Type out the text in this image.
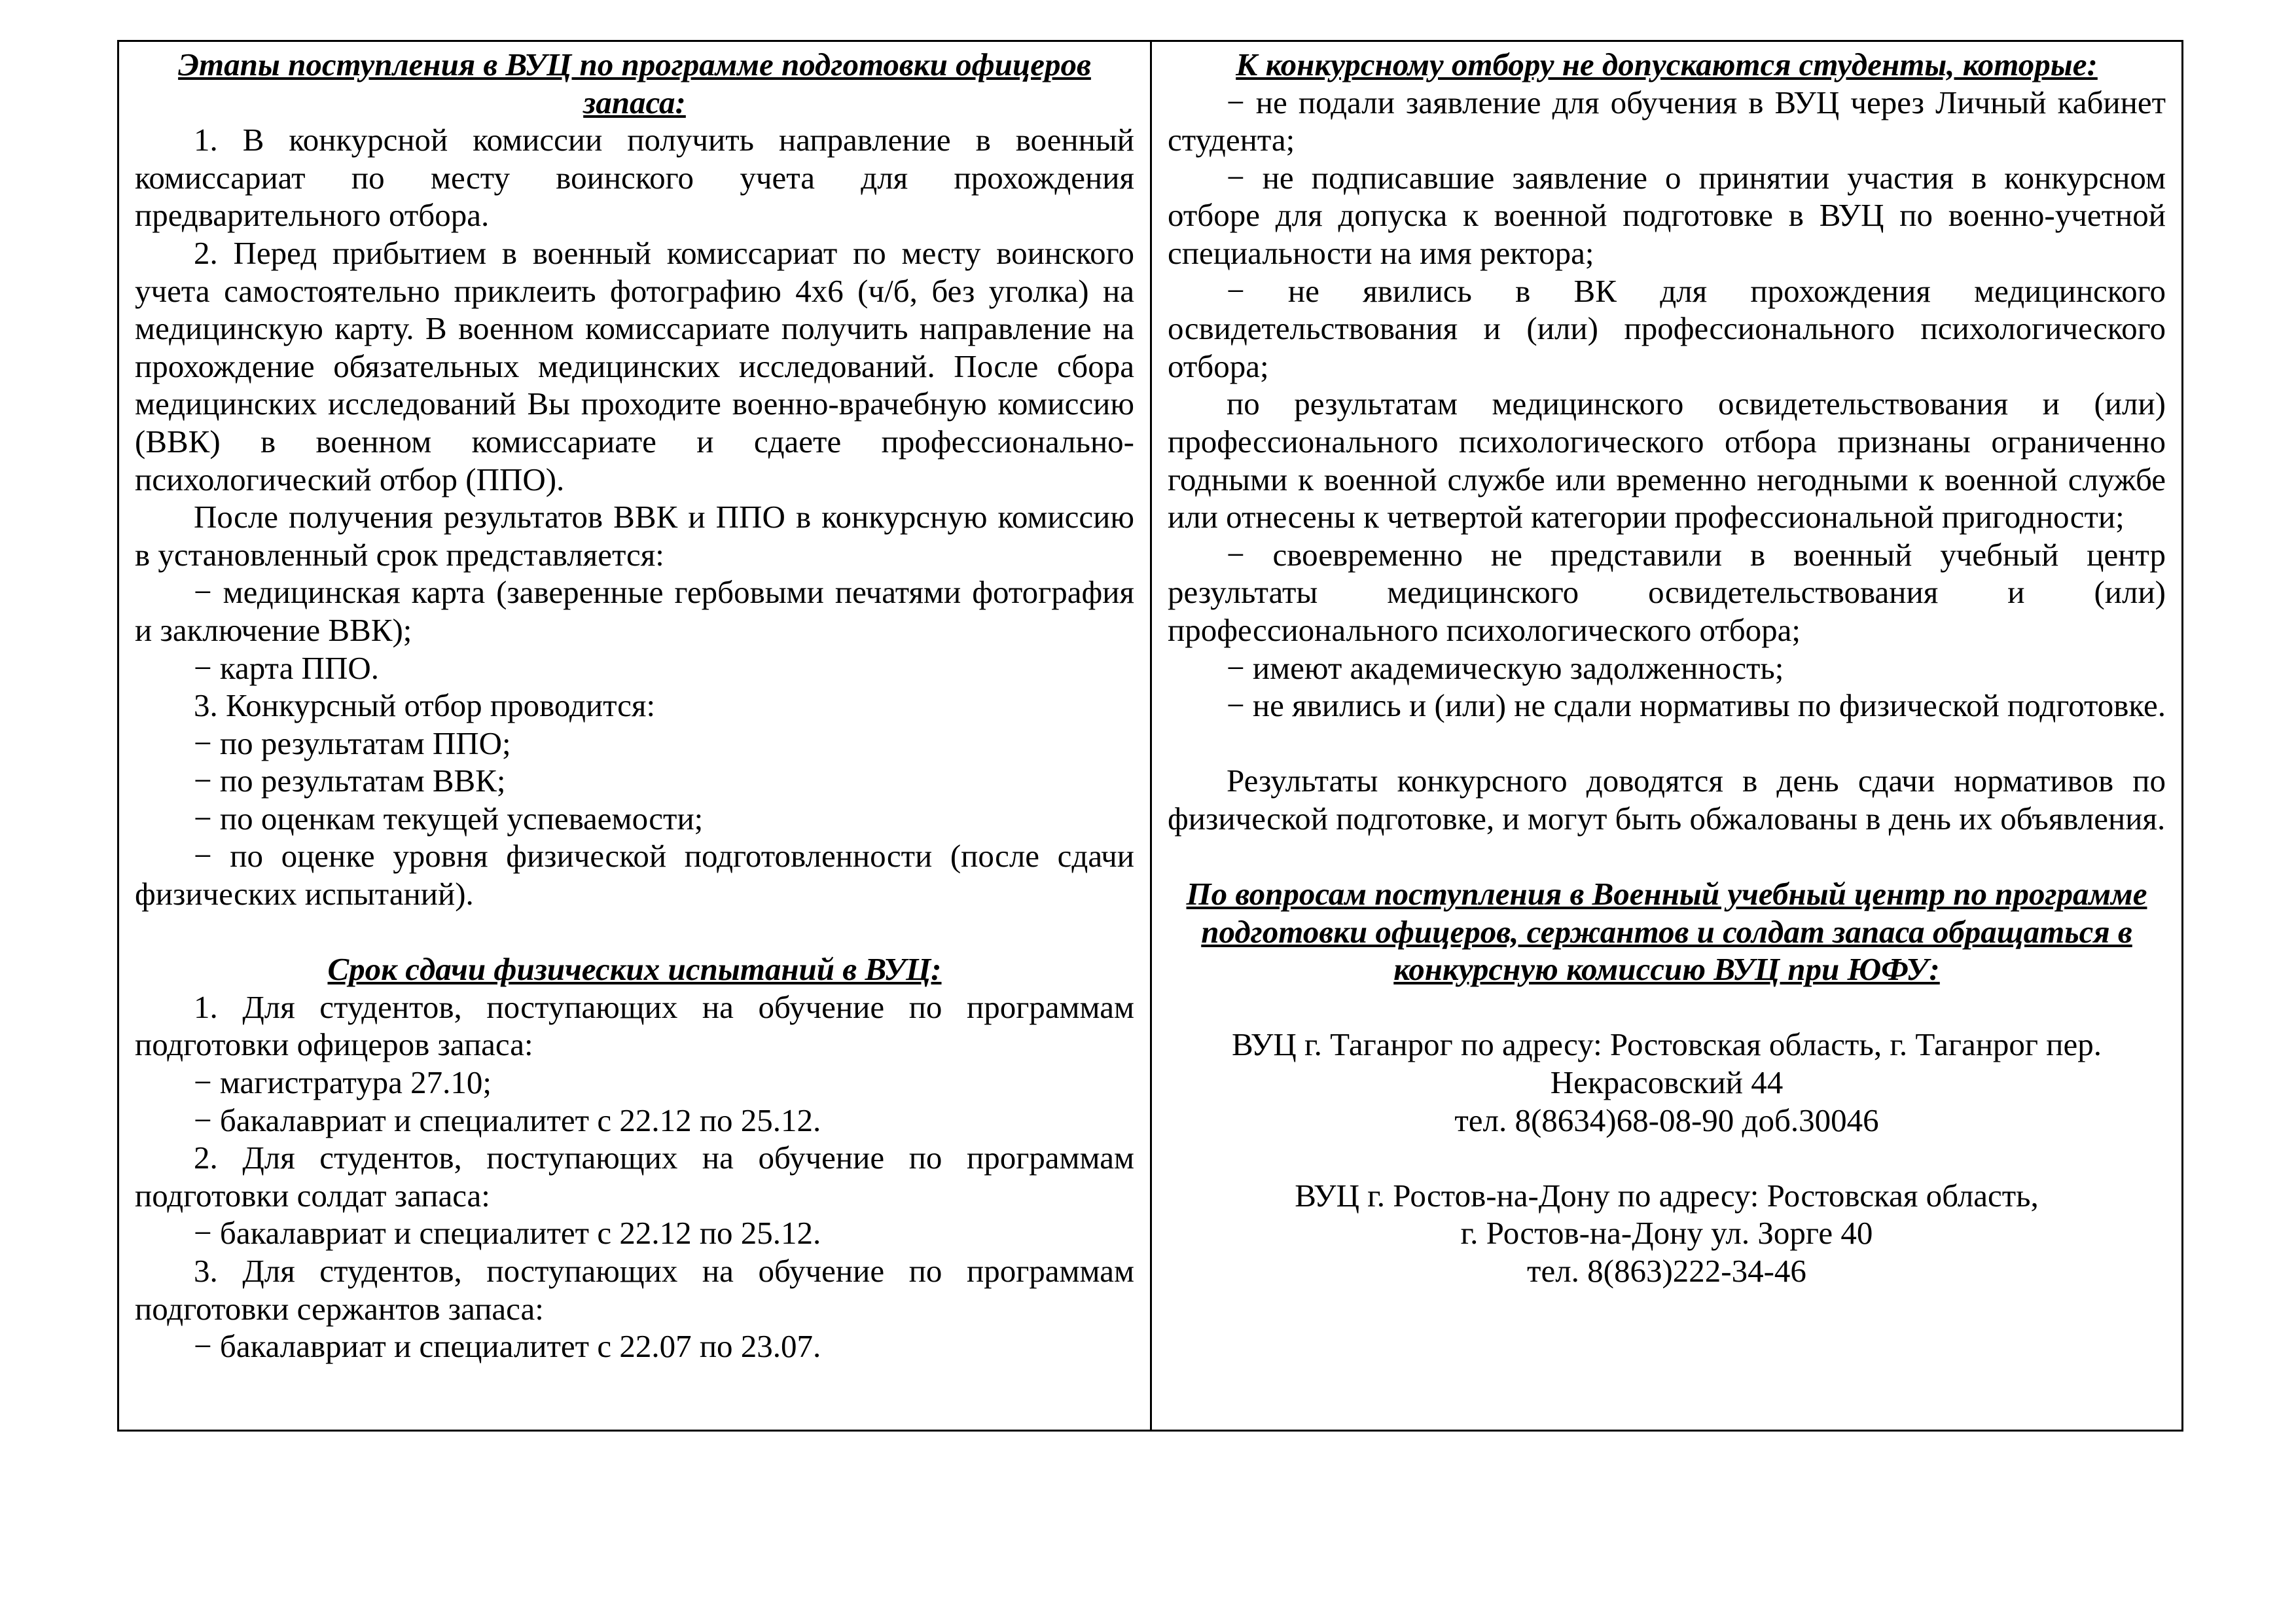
Этапы поступления в ВУЦ по программе подготовки офицеров запаса:

1. В конкурсной комиссии получить направление в военный комиссариат по месту воинского учета для прохождения предварительного отбора.

2. Перед прибытием в военный комиссариат по месту воинского учета самостоятельно приклеить фотографию 4х6 (ч/б, без уголка) на медицинскую карту. В военном комиссариате получить направление на прохождение обязательных медицинских исследований. После сбора медицинских исследований Вы проходите военно-врачебную комиссию (ВВК) в военном комиссариате и сдаете профессионально-психологический отбор (ППО).

После получения результатов ВВК и ППО в конкурсную комиссию в установленный срок представляется:

− медицинская карта (заверенные гербовыми печатями фотография и заключение ВВК);

− карта ППО.

3. Конкурсный отбор проводится:

− по результатам ППО;

− по результатам ВВК;

− по оценкам текущей успеваемости;

− по оценке уровня физической подготовленности (после сдачи физических испытаний).

Срок сдачи физических испытаний в ВУЦ:

1. Для студентов, поступающих на обучение по программам подготовки офицеров запаса:

− магистратура 27.10;

− бакалавриат и специалитет с 22.12 по 25.12.

2. Для студентов, поступающих на обучение по программам подготовки солдат запаса:

− бакалавриат и специалитет с 22.12 по 25.12.

3. Для студентов, поступающих на обучение по программам подготовки сержантов запаса:

− бакалавриат и специалитет с 22.07 по 23.07.

К конкурсному отбору не допускаются студенты, которые:

− не подали заявление для обучения в ВУЦ через Личный кабинет студента;

− не подписавшие заявление о принятии участия в конкурсном отборе для допуска к военной подготовке в ВУЦ по военно-учетной специальности на имя ректора;

− не явились в ВК для прохождения медицинского освидетельствования и (или) профессионального психологического отбора;

по результатам медицинского освидетельствования и (или) профессионального психологического отбора признаны ограниченно годными к военной службе или временно негодными к военной службе или отнесены к четвертой категории профессиональной пригодности;

− своевременно не представили в военный учебный центр результаты медицинского освидетельствования и (или) профессионального психологического отбора;

− имеют академическую задолженность;

− не явились и (или) не сдали нормативы по физической подготовке.

Результаты конкурсного доводятся в день сдачи нормативов по физической подготовке, и могут быть обжалованы в день их объявления.

По вопросам поступления в Военный учебный центр по программе подготовки офицеров, сержантов и солдат запаса обращаться в конкурсную комиссию ВУЦ при ЮФУ:

ВУЦ г. Таганрог по адресу: Ростовская область, г. Таганрог пер.

Некрасовский 44

тел. 8(8634)68-08-90 доб.30046

ВУЦ г. Ростов-на-Дону по адресу: Ростовская область,

г. Ростов-на-Дону ул. Зорге 40

тел. 8(863)222-34-46
